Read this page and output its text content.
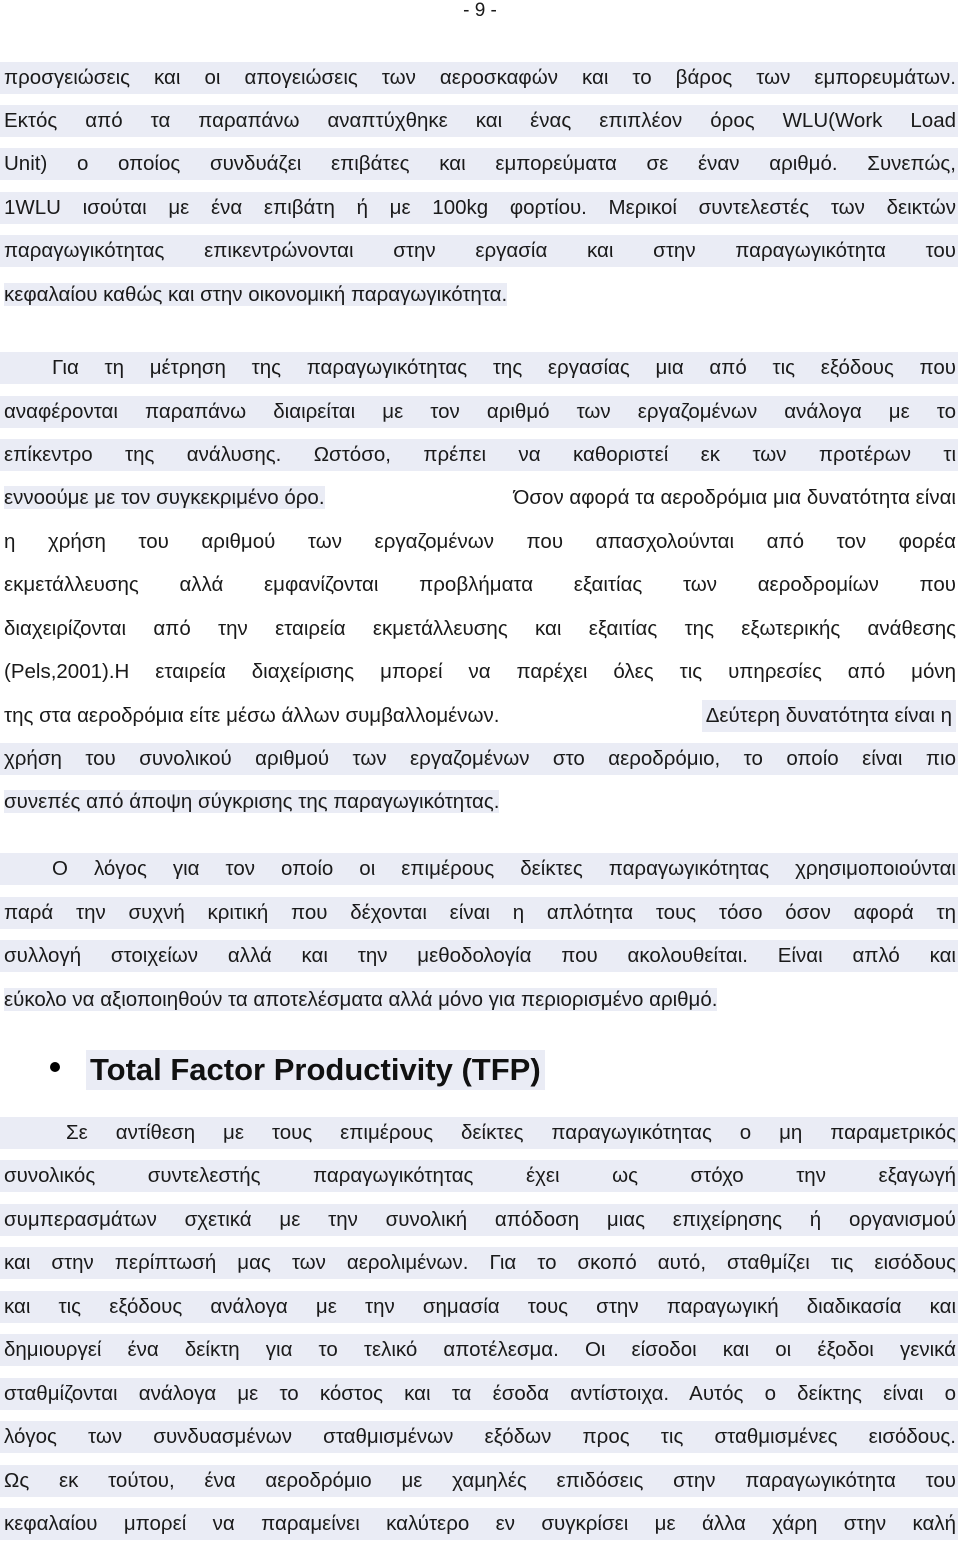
- 9 -
προσγειώσεις και οι απογειώσεις των αεροσκαφών και το βάρος των εμπορευμάτων.
Εκτός από τα παραπάνω αναπτύχθηκε και ένας επιπλέον όρος WLU(Work Load
Unit) ο οποίος συνδυάζει επιβάτες και εμπορεύματα σε έναν αριθμό. Συνεπώς,
1WLU ισούται με ένα επιβάτη ή με 100kg φορτίου. Μερικοί συντελεστές των δεικτών
παραγωγικότητας επικεντρώνονται στην εργασία και στην παραγωγικότητα του
κεφαλαίου καθώς και στην οικονομική παραγωγικότητα.
Για τη μέτρηση της παραγωγικότητας της εργασίας μια από τις εξόδους που
αναφέρονται παραπάνω διαιρείται με τον αριθμό των εργαζομένων ανάλογα με το
επίκεντρο της ανάλυσης. Ωστόσο, πρέπει να καθοριστεί εκ των προτέρων τι
εννοούμε με τον συγκεκριμένο όρο.	Όσον αφορά τα αεροδρόμια μια δυνατότητα είναι
η χρήση του αριθμού των εργαζομένων που απασχολούνται από τον φορέα
εκμετάλλευσης αλλά εμφανίζονται προβλήματα εξαιτίας των αεροδρομίων που
διαχειρίζονται από την εταιρεία εκμετάλλευσης και εξαιτίας της εξωτερικής ανάθεσης
(Pels,2001).Η εταιρεία διαχείρισης μπορεί να παρέχει όλες τις υπηρεσίες από μόνη
της στα αεροδρόμια είτε μέσω άλλων συμβαλλομένων.	Δεύτερη δυνατότητα είναι η
χρήση του συνολικού αριθμού των εργαζομένων στο αεροδρόμιο, το οποίο είναι πιο
συνεπές από άποψη σύγκρισης της παραγωγικότητας.
Ο λόγος για τον οποίο οι επιμέρους δείκτες παραγωγικότητας χρησιμοποιούνται
παρά την συχνή κριτική που δέχονται είναι η απλότητα τους τόσο όσον αφορά τη
συλλογή στοιχείων αλλά και την μεθοδολογία που ακολουθείται. Είναι απλό και
εύκολο να αξιοποιηθούν τα αποτελέσματα αλλά μόνο για περιορισμένο αριθμό.
Total Factor Productivity (TFP)
Σε αντίθεση με τους επιμέρους δείκτες παραγωγικότητας ο μη παραμετρικός
συνολικός συντελεστής παραγωγικότητας έχει ως στόχο την εξαγωγή
συμπερασμάτων σχετικά με την συνολική απόδοση μιας επιχείρησης ή οργανισμού
και στην περίπτωσή μας των αερολιμένων. Για το σκοπό αυτό, σταθμίζει τις εισόδους
και τις εξόδους ανάλογα με την σημασία τους στην παραγωγική διαδικασία και
δημιουργεί ένα δείκτη για το τελικό αποτέλεσμα. Οι είσοδοι και οι έξοδοι γενικά
σταθμίζονται ανάλογα με το κόστος και τα έσοδα αντίστοιχα. Αυτός ο δείκτης είναι ο
λόγος των συνδυασμένων σταθμισμένων εξόδων προς τις σταθμισμένες εισόδους.
Ως εκ τούτου, ένα αεροδρόμιο με χαμηλές επιδόσεις στην παραγωγικότητα του
κεφαλαίου μπορεί να παραμείνει καλύτερο εν συγκρίσει με άλλα χάρη στην καλή
